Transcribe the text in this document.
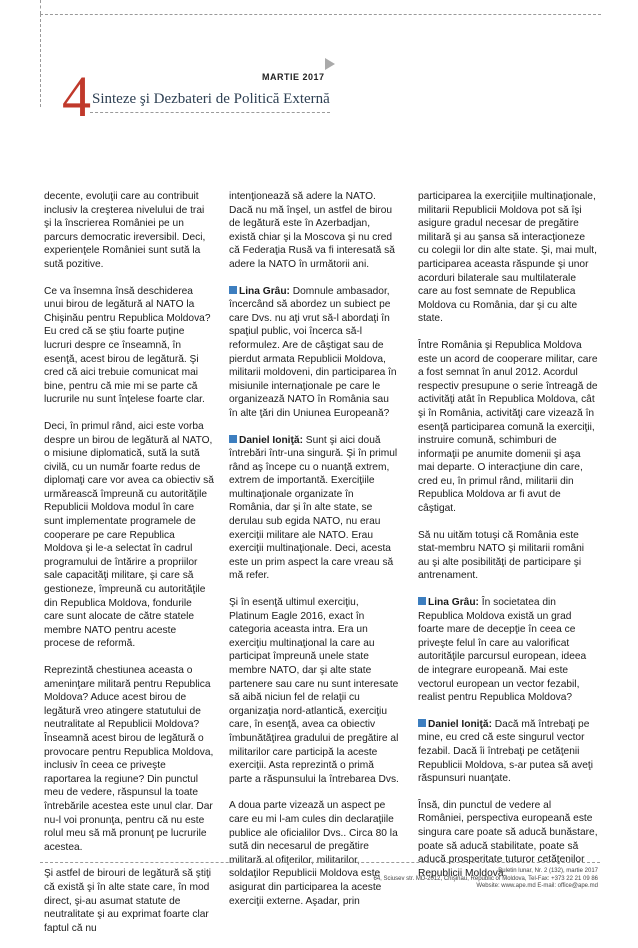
MARTIE 2017
4 Sinteze şi Dezbateri de Politică Externă

decente, evoluţii care au contribuit inclusiv la creşterea nivelului de trai şi la înscrierea României pe un parcurs democratic ireversibil. Deci, experienţele României sunt sută la sută pozitive.

Ce va însemna însă deschiderea unui birou de legătură al NATO la Chişinău pentru Republica Moldova? Eu cred că se ştiu foarte puţine lucruri despre ce înseamnă, în esenţă, acest birou de legătură. Şi cred că aici trebuie comunicat mai bine, pentru că mie mi se parte că lucrurile nu sunt înţelese foarte clar.

Deci, în primul rând, aici este vorba despre un birou de legătură al NATO, o misiune diplomatică, sută la sută civilă, cu un număr foarte redus de diplomaţi care vor avea ca obiectiv să urmărească împreună cu autorităţile Republicii Moldova modul în care sunt implementate programele de cooperare pe care Republica Moldova şi le-a selectat în cadrul programului de întărire a propriilor sale capacităţi militare, şi care să gestioneze, împreună cu autorităţile din Republica Moldova, fondurile care sunt alocate de către statele membre NATO pentru aceste procese de reformă.

Reprezintă chestiunea aceasta o ameninţare militară pentru Republica Moldova? Aduce acest birou de legătură vreo atingere statutului de neutralitate al Republicii Moldova? Înseamnă acest birou de legătură o provocare pentru Republica Moldova, inclusiv în ceea ce priveşte raportarea la regiune? Din punctul meu de vedere, răspunsul la toate întrebările acestea este unul clar. Dar nu-l voi pronunţa, pentru că nu este rolul meu să mă pronunţ pe lucrurile acestea.

Şi astfel de birouri de legătură să ştiţi că există şi în alte state care, în mod direct, şi-au asumat statute de neutralitate şi au exprimat foarte clar faptul că nu

intenţionează să adere la NATO. Dacă nu mă înşel, un astfel de birou de legătură este în Azerbadjan, există chiar şi la Moscova şi nu cred că Federaţia Rusă va fi interesată să adere la NATO în următorii ani.

Lina Grâu: Domnule ambasador, încercând să abordez un subiect pe care Dvs. nu aţi vrut să-l abordaţi în spaţiul public, voi încerca să-l reformulez. Are de câştigat sau de pierdut armata Republicii Moldova, militarii moldoveni, din participarea în misiunile internaţionale pe care le organizează NATO în România sau în alte ţări din Uniunea Europeană?

Daniel Ioniţă: Sunt şi aici două întrebări într-una singură. Şi în primul rând aş începe cu o nuanţă extrem, extrem de importantă. Exerciţiile multinaţionale organizate în România, dar şi în alte state, se derulau sub egida NATO, nu erau exerciţii militare ale NATO. Erau exerciţii multinaţionale. Deci, acesta este un prim aspect la care vreau să mă refer.

Şi în esenţă ultimul exerciţiu, Platinum Eagle 2016, exact în categoria aceasta intra. Era un exerciţiu multinaţional la care au participat împreună unele state membre NATO, dar şi alte state partenere sau care nu sunt interesate să aibă niciun fel de relaţii cu organizaţia nord-atlantică, exerciţiu care, în esenţă, avea ca obiectiv îmbunătăţirea gradului de pregătire al militarilor care participă la aceste exerciţii. Asta reprezintă o primă parte a răspunsului la întrebarea Dvs.

A doua parte vizează un aspect pe care eu mi l-am cules din declaraţiile publice ale oficialilor Dvs.. Circa 80 la sută din necesarul de pregătire militară al ofiţerilor, militarilor, soldaţilor Republicii Moldova este asigurat din participarea la aceste exerciţii externe. Aşadar, prin

participarea la exerciţiile multinaţionale, militarii Republicii Moldova pot să îşi asigure gradul necesar de pregătire militară şi au şansa să interacţioneze cu colegii lor din alte state. Şi, mai mult, participarea aceasta răspunde şi unor acorduri bilaterale sau multilaterale care au fost semnate de Republica Moldova cu România, dar şi cu alte state.

Între România şi Republica Moldova este un acord de cooperare militar, care a fost semnat în anul 2012. Acordul respectiv presupune o serie întreagă de activităţi atât în Republica Moldova, cât şi în România, activităţi care vizează în esenţă participarea comună la exerciţii, instruire comună, schimburi de informaţii pe anumite domenii şi aşa mai departe. O interacţiune din care, cred eu, în primul rând, militarii din Republica Moldova ar fi avut de câştigat.

Să nu uităm totuşi că România este stat-membru NATO şi militarii români au şi alte posibilităţi de participare şi antrenament.

Lina Grâu: În societatea din Republica Moldova există un grad foarte mare de decepţie în ceea ce priveşte felul în care au valorificat autorităţile parcursul european, ideea de integrare europeană. Mai este vectorul european un vector fezabil, realist pentru Republica Moldova?

Daniel Ioniţă: Dacă mă întrebaţi pe mine, eu cred că este singurul vector fezabil. Dacă îi întrebaţi pe cetăţenii Republicii Moldova, s-ar putea să aveţi răspunsuri nuanţate.

Însă, din punctul de vedere al României, perspectiva europeană este singura care poate să aducă bunăstare, poate să aducă stabilitate, poate să aducă prosperitate tuturor cetăţenilor Republicii Moldova.

Buletin lunar, Nr. 2 (132), martie 2017
64, Sciusev str. MD-2012, Chişinau, Republic of Moldova, Tel-Fax: +373 22 21 09 86
Website: www.ape.md E-mail: office@ape.md
